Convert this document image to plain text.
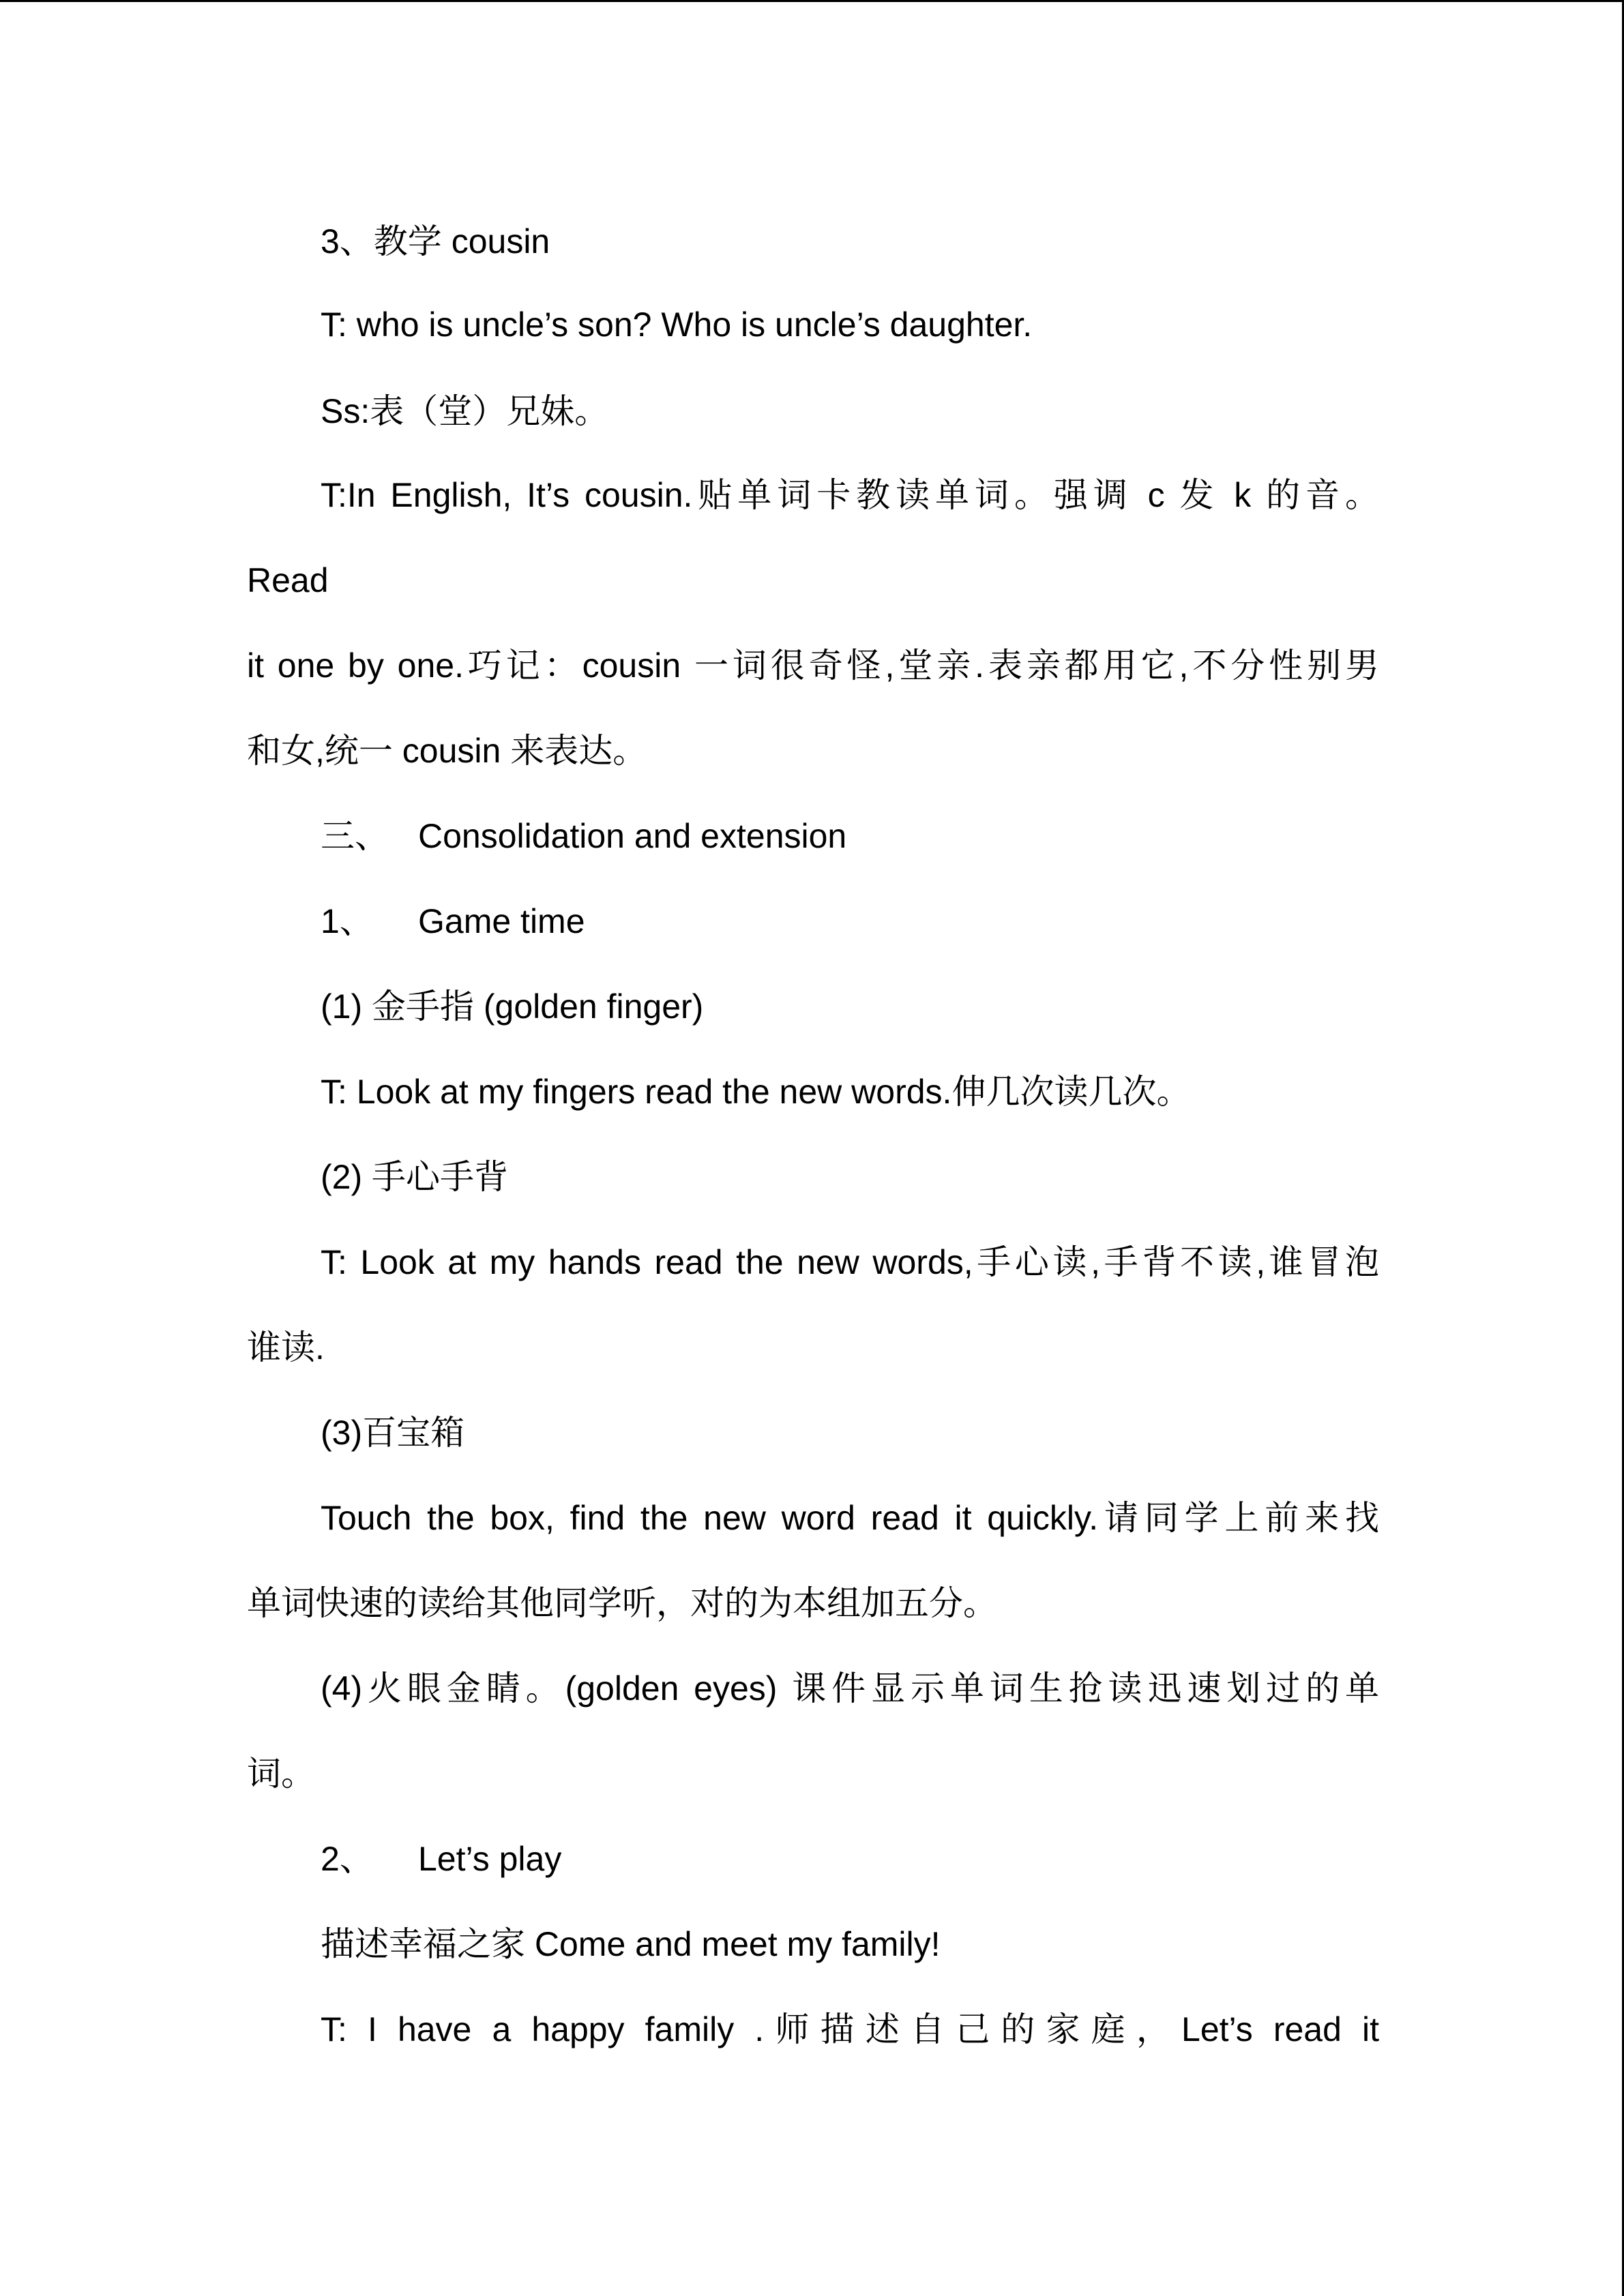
3、教学 cousin
T: who is uncle’s son? Who is uncle’s daughter.
Ss:表（堂）兄妹。
T:In English, It’s cousin.贴单词卡教读单词。强调 c 发 k 的音。
Read
it one by one.巧记：cousin 一词很奇怪,堂亲.表亲都用它,不分性别男
和女,统一 cousin 来表达。
三、 Consolidation and extension
1、 Game time
(1) 金手指 (golden finger)
T: Look at my fingers read the new words.伸几次读几次。
(2) 手心手背
T: Look at my hands read the new words,手心读,手背不读,谁冒泡
谁读.
(3)百宝箱
Touch the box, find the new word read it quickly.请同学上前来找
单词快速的读给其他同学听，对的为本组加五分。
(4)火眼金睛。(golden eyes) 课件显示单词生抢读迅速划过的单
词。
2、 Let’s play
描述幸福之家 Come and meet my family!
T: I have a happy family .师描述自己的家庭，Let’s read it
